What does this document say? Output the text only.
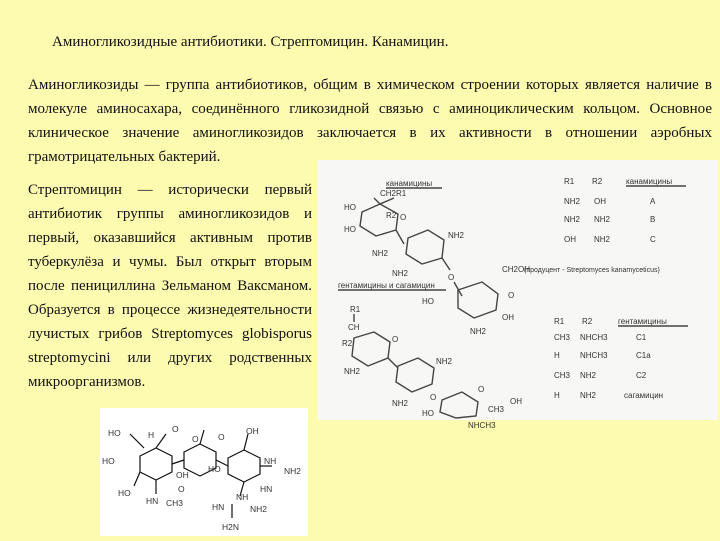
Аминогликозидные антибиотики. Стрептомицин. Канамицин.
Аминогликозиды — группа антибиотиков, общим в химическом строении которых является наличие в молекуле аминосахара, соединённого гликозидной связью с аминоциклическим кольцом. Основное клиническое значение аминогликозидов заключается в их активности в отношении аэробных грамотрицательных бактерий.
Стрептомицин — исторически первый антибиотик группы аминогликозидов и первый, оказавшийся активным против туберкулёза и чумы. Был открыт вторым после пенициллина Зельманом Ваксманом. Образуется в процессе жизнедеятельности лучистых грибов Streptomyces globisporus streptomycini или других родственных микроорганизмов.
канамицины	канамицины
R1 R2
NH2 OH	A
NH2 NH2	B
OH NH2	C
CH2R1
HO
R2 O
HO
NH2
NH2
O
CH2OH
O
HO
NH2
OH
NH2
(продуцент - Streptomyces kanamyceticus)
гентамицины и сагамицин
гентамицины
R1 R2
CH3 NHCH3	C1
H	NHCH3	C1a
CH3 NH2	C2
H	NH2	сагамицин
R1
CH
R2	O
NH2
NH2
O
NH2
O
HO	CH3
OH
NHCH3
HO	H
O
O O
OH
HO
HO
OH
NH
NH2
O
HO
HN CH3
HN
NH
NH2
HN
H2N
